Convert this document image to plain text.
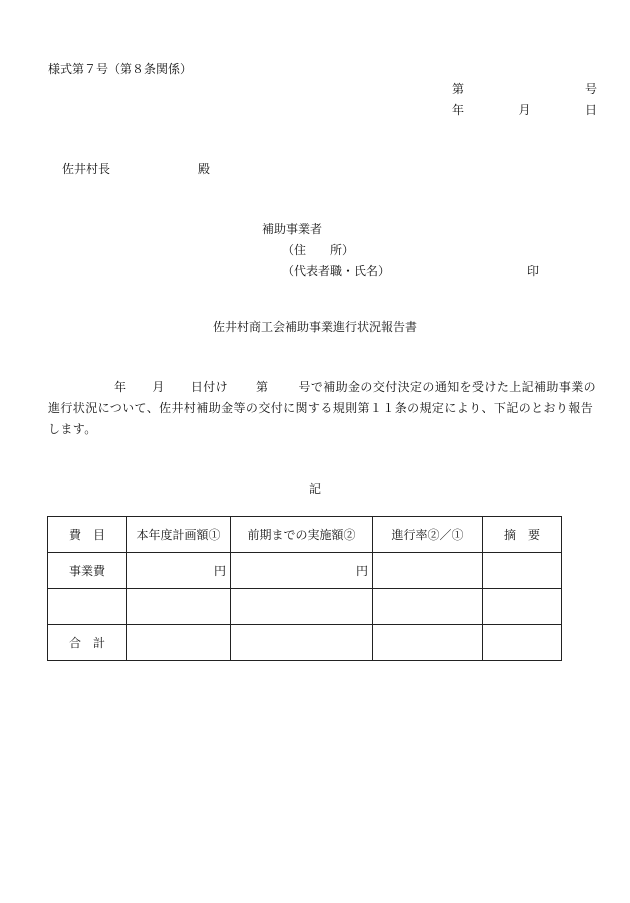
様式第７号（第８条関係）
第	号
年	月	日
佐井村長	殿
補助事業者
（住 所）
（代表者職・氏名）	印
佐井村商工会補助事業進行状況報告書
年 月 日付け 第	号で補助金の交付決定の通知を受けた上記補助事業の進行状況について、佐井村補助金等の交付に関する規則第１１条の規定により、下記のとおり報告します。
記
費　目	本年度計画額①	前期までの実施額②	進行率②／①	摘　要
事業費	円	円		

合　計				
